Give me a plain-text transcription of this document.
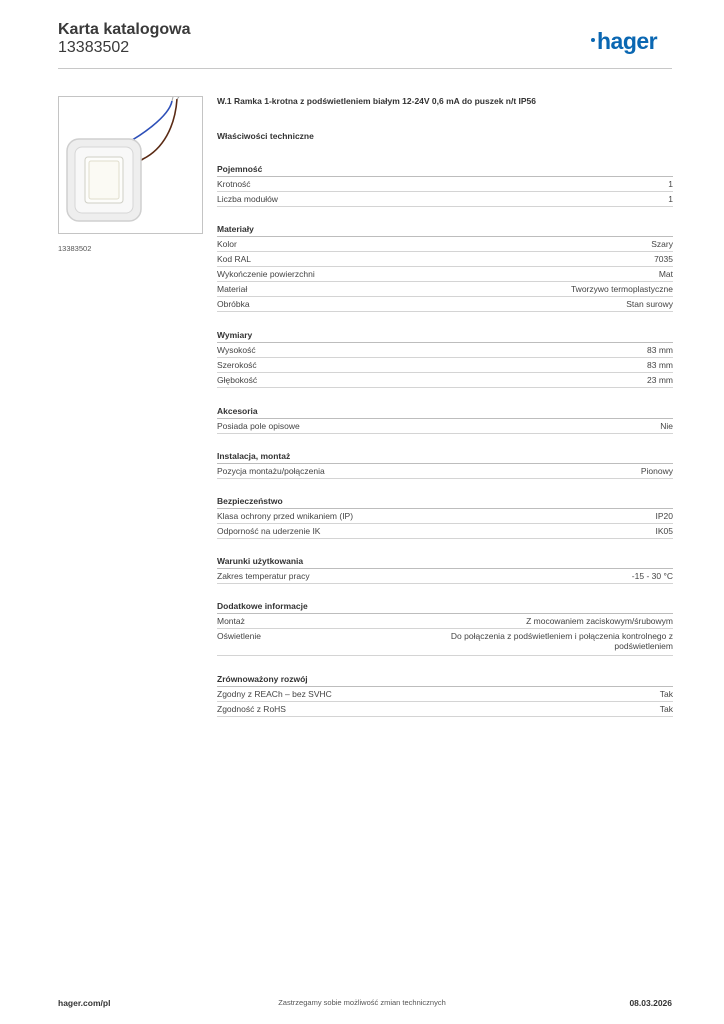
Karta katalogowa
13383502	hager
13383502
W.1 Ramka 1-krotna z podświetleniem białym 12-24V 0,6 mA do puszek n/t IP56
Właściwości techniczne
Pojemność
Krotność	1
Liczba modułów	1
Materiały
Kolor	Szary
Kod RAL	7035
Wykończenie powierzchni	Mat
Materiał	Tworzywo termoplastyczne
Obróbka	Stan surowy
Wymiary
Wysokość	83 mm
Szerokość	83 mm
Głębokość	23 mm
Akcesoria
Posiada pole opisowe	Nie
Instalacja, montaż
Pozycja montażu/połączenia	Pionowy
Bezpieczeństwo
Klasa ochrony przed wnikaniem (IP)	IP20
Odporność na uderzenie IK	IK05
Warunki użytkowania
Zakres temperatur pracy	-15 - 30 °C
Dodatkowe informacje
Montaż	Z mocowaniem zaciskowym/śrubowym
Oświetlenie	Do połączenia z podświetleniem i połączenia kontrolnego z podświetleniem
Zrównoważony rozwój
Zgodny z REACh – bez SVHC	Tak
Zgodność z RoHS	Tak
hager.com/pl	Zastrzegamy sobie możliwość zmian technicznych	08.03.2026
